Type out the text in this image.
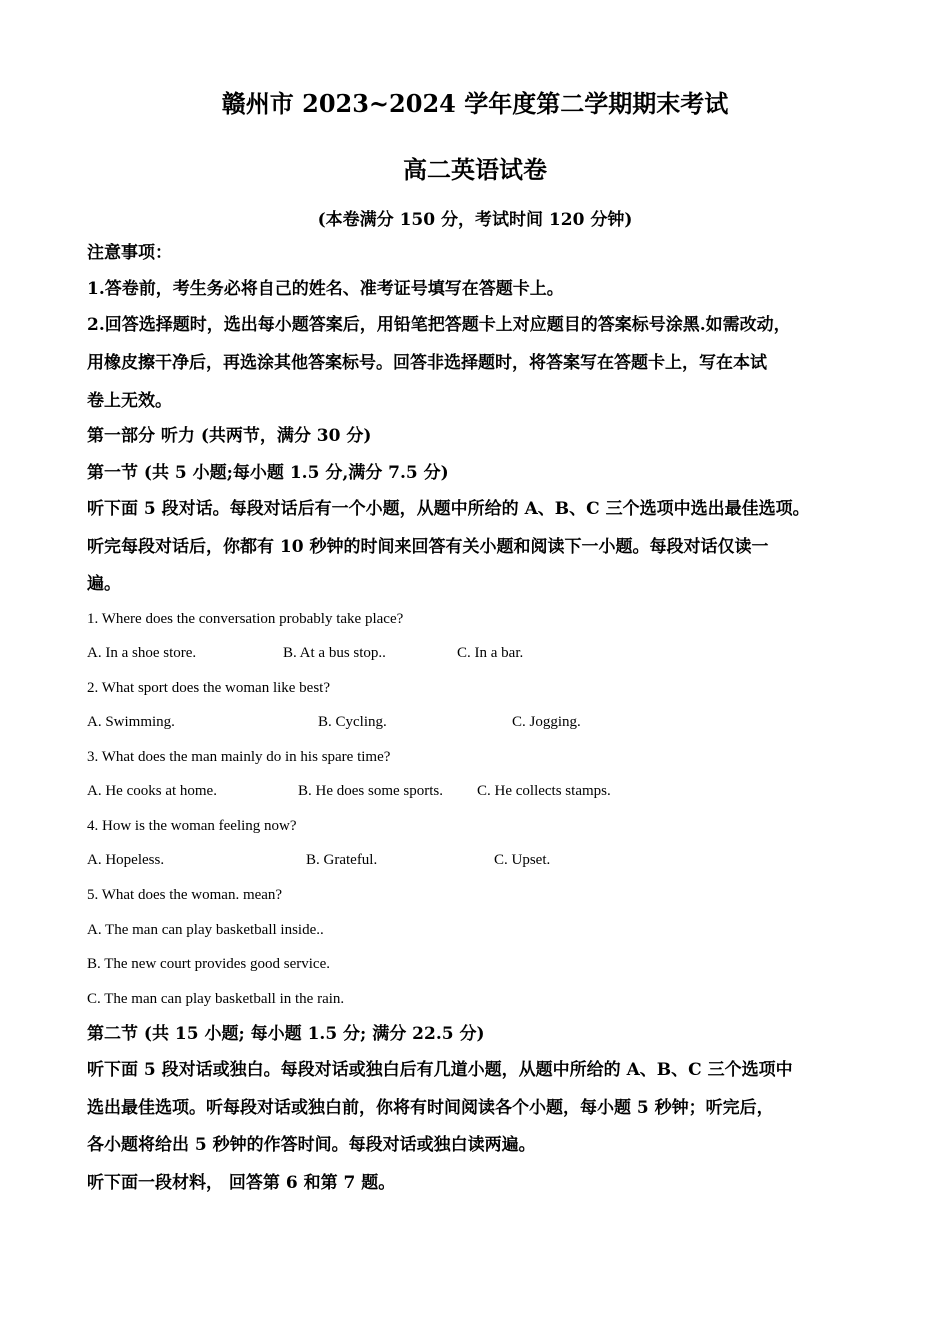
赣州市 2023~2024 学年度第二学期期末考试
高二英语试卷
(本卷满分 150 分，考试时间 120 分钟)
注意事项：
1.答卷前，考生务必将自己的姓名、准考证号填写在答题卡上。
2.回答选择题时，选出每小题答案后，用铅笔把答题卡上对应题目的答案标号涂黑.如需改动，
用橡皮擦干净后，再选涂其他答案标号。回答非选择题时，将答案写在答题卡上，写在本试
卷上无效。
第一部分 听力 (共两节，满分 30 分)
第一节 (共 5 小题;每小题 1.5 分,满分 7.5 分)
听下面 5 段对话。每段对话后有一个小题，从题中所给的 A、B、C 三个选项中选出最佳选项。
听完每段对话后，你都有 10 秒钟的时间来回答有关小题和阅读下一小题。每段对话仅读一
遍。
1. Where does the conversation probably take place?
A. In a shoe store.	B. At a bus stop..	C. In a bar.
2. What sport does the woman like best?
A. Swimming.	B. Cycling.	C. Jogging.
3. What does the man mainly do in his spare time?
A. He cooks at home.	B. He does some sports. C. He collects stamps.
4. How is the woman feeling now?
A. Hopeless.	B. Grateful.	C. Upset.
5. What does the woman. mean?
A. The man can play basketball inside..
B. The new court provides good service.
C. The man can play basketball in the rain.
第二节 (共 15 小题; 每小题 1.5 分; 满分 22.5 分)
听下面 5 段对话或独白。每段对话或独白后有几道小题，从题中所给的 A、B、C 三个选项中
选出最佳选项。听每段对话或独白前，你将有时间阅读各个小题，每小题 5 秒钟；听完后，
各小题将给出 5 秒钟的作答时间。每段对话或独白读两遍。
听下面一段材料， 回答第 6 和第 7 题。
